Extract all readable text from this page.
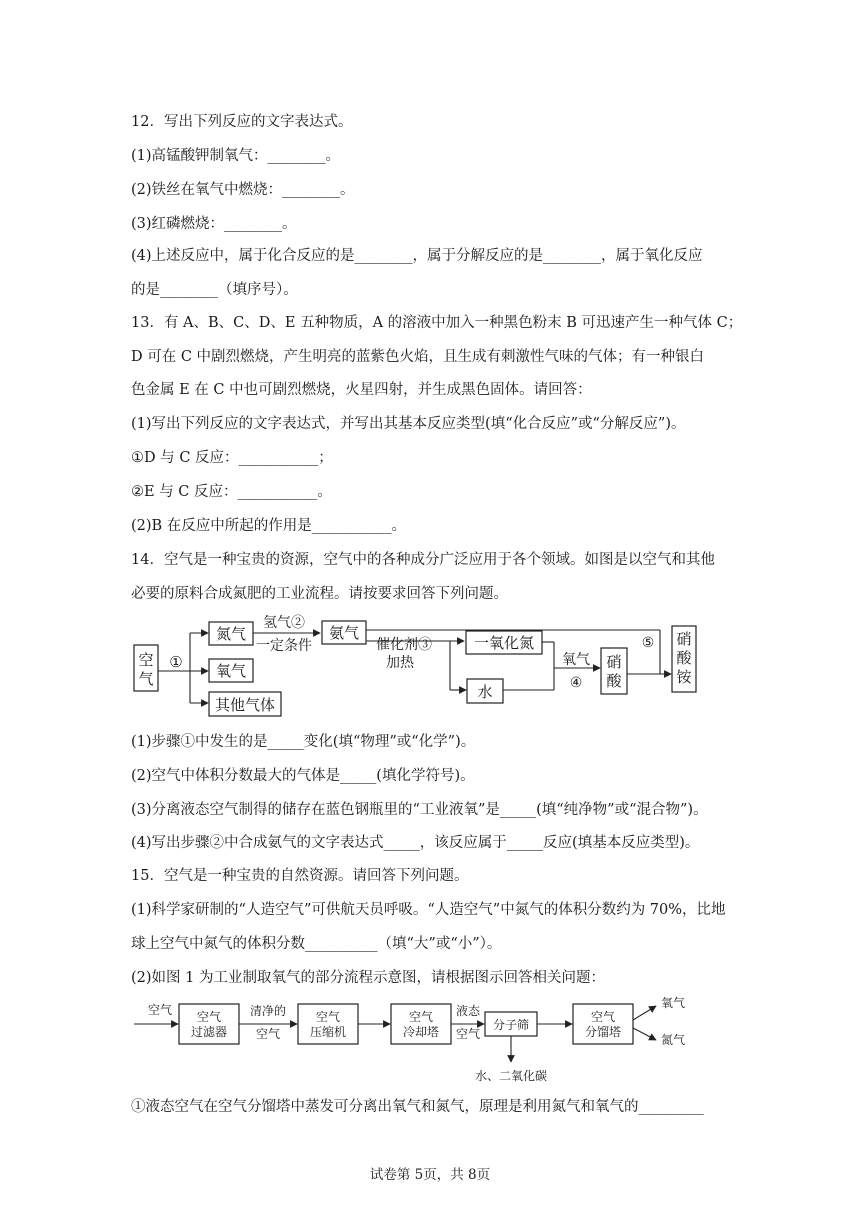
12．写出下列反应的文字表达式。
(1)高锰酸钾制氧气：________。
(2)铁丝在氧气中燃烧：________。
(3)红磷燃烧：________。
(4)上述反应中，属于化合反应的是________，属于分解反应的是________，属于氧化反应
的是________（填序号）。
13．有 A、B、C、D、E 五种物质，A 的溶液中加入一种黑色粉末 B 可迅速产生一种气体 C；
D 可在 C 中剧烈燃烧，产生明亮的蓝紫色火焰，且生成有刺激性气味的气体；有一种银白
色金属 E 在 C 中也可剧烈燃烧，火星四射，并生成黑色固体。请回答：
(1)写出下列反应的文字表达式，并写出其基本反应类型(填“化合反应”或“分解反应”)。
①D 与 C 反应：___________；
②E 与 C 反应：___________。
(2)B 在反应中所起的作用是___________。
14．空气是一种宝贵的资源，空气中的各种成分广泛应用于各个领域。如图是以空气和其他
必要的原料合成氮肥的工业流程。请按要求回答下列问题。
空
气
①
氮气
氧气
其他气体
氢气②
一定条件
氨气
催化剂③
加热
一氧化氮
水
氧气
④
硝
酸
⑤ 硝
酸
铵
(1)步骤①中发生的是_____变化(填“物理”或“化学”)。
(2)空气中体积分数最大的气体是_____(填化学符号)。
(3)分离液态空气制得的储存在蓝色钢瓶里的“工业液氧”是_____(填“纯净物”或“混合物”)。
(4)写出步骤②中合成氨气的文字表达式_____，该反应属于_____反应(填基本反应类型)。
15．空气是一种宝贵的自然资源。请回答下列问题。
(1)科学家研制的“人造空气”可供航天员呼吸。“人造空气”中氮气的体积分数约为 70%，比地
球上空气中氮气的体积分数__________（填“大”或“小”）。
(2)如图 1 为工业制取氧气的部分流程示意图，请根据图示回答相关问题：
空气 空气
过滤器
清净的
空气
空气
压缩机
空气
冷却塔
液态
空气
分子筛
水、二氧化碳
空气
分馏塔
氧气
氮气
①液态空气在空气分馏塔中蒸发可分离出氧气和氮气，原理是利用氮气和氧气的_________
试卷第 5页，共 8页
